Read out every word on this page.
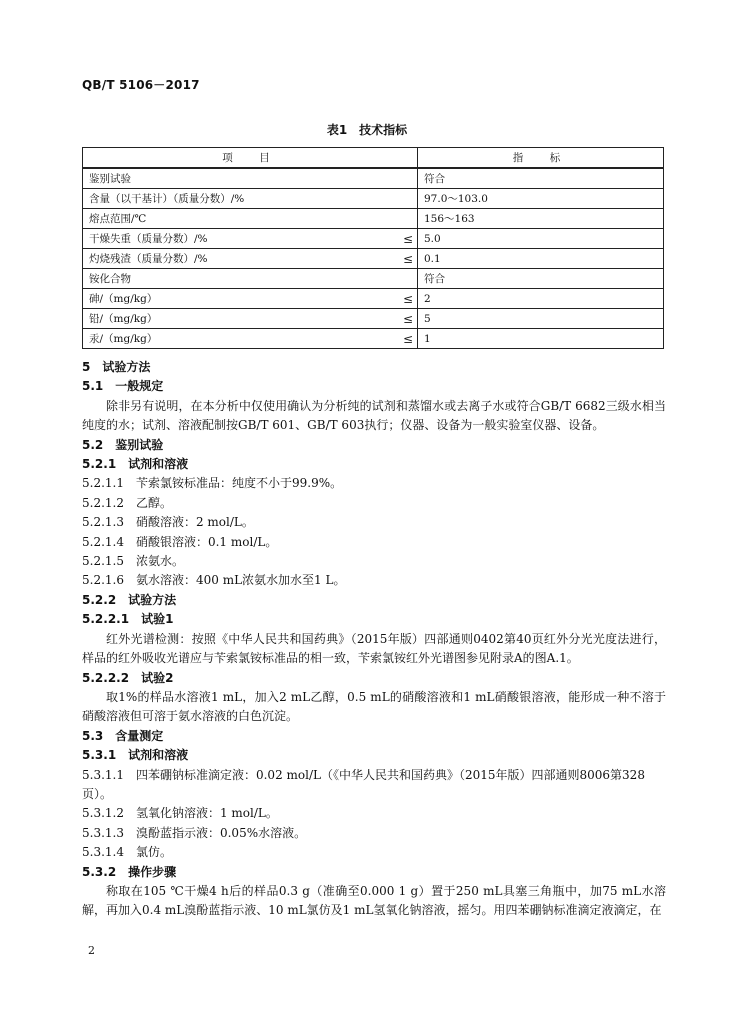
QB/T 5106－2017
表1　技术指标
项　目		指　标
鉴别试验		符合
含量（以干基计）（质量分数）/%		97.0～103.0
熔点范围/℃		156～163
干燥失重（质量分数）/%	≤	5.0
灼烧残渣（质量分数）/%	≤	0.1
铵化合物		符合
砷/（mg/kg）	≤	2
铅/（mg/kg）	≤	5
汞/（mg/kg）	≤	1
5　试验方法
5.1　一般规定
除非另有说明，在本分析中仅使用确认为分析纯的试剂和蒸馏水或去离子水或符合GB/T 6682三级水相当纯度的水；试剂、溶液配制按GB/T 601、GB/T 603执行；仪器、设备为一般实验室仪器、设备。
5.2　鉴别试验
5.2.1　试剂和溶液
5.2.1.1　苄索氯铵标准品：纯度不小于99.9%。
5.2.1.2　乙醇。
5.2.1.3　硝酸溶液：2 mol/L。
5.2.1.4　硝酸银溶液：0.1 mol/L。
5.2.1.5　浓氨水。
5.2.1.6　氨水溶液：400 mL浓氨水加水至1 L。
5.2.2　试验方法
5.2.2.1　试验1
红外光谱检测：按照《中华人民共和国药典》（2015年版）四部通则0402第40页红外分光光度法进行，样品的红外吸收光谱应与苄索氯铵标准品的相一致，苄索氯铵红外光谱图参见附录A的图A.1。
5.2.2.2　试验2
取1%的样品水溶液1 mL，加入2 mL乙醇，0.5 mL的硝酸溶液和1 mL硝酸银溶液，能形成一种不溶于硝酸溶液但可溶于氨水溶液的白色沉淀。
5.3　含量测定
5.3.1　试剂和溶液
5.3.1.1　四苯硼钠标准滴定液：0.02 mol/L（《中华人民共和国药典》（2015年版）四部通则8006第328页）。
5.3.1.2　氢氧化钠溶液：1 mol/L。
5.3.1.3　溴酚蓝指示液：0.05%水溶液。
5.3.1.4　氯仿。
5.3.2　操作步骤
称取在105 ℃干燥4 h后的样品0.3 g（准确至0.000 1 g）置于250 mL具塞三角瓶中，加75 mL水溶解，再加入0.4 mL溴酚蓝指示液、10 mL氯仿及1 mL氢氧化钠溶液，摇匀。用四苯硼钠标准滴定液滴定，在
2
